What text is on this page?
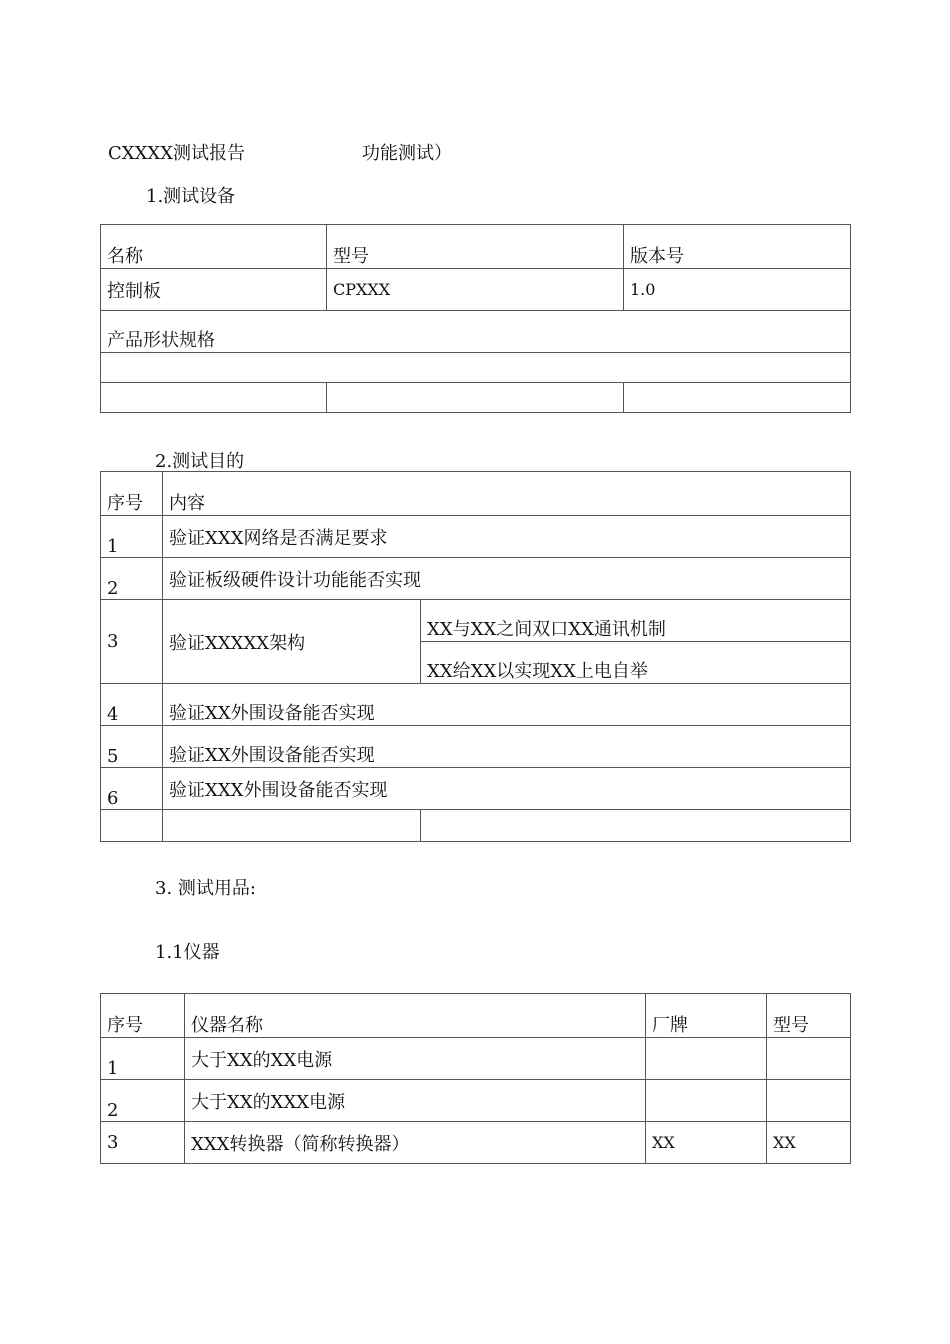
CXXXX测试报告	功能测试）
1.测试设备
名称	型号	版本号
控制板	CPXXX	1.0
产品形状规格		

2.测试目的
序号	内容	
1	验证XXX网络是否满足要求	
2	验证板级硬件设计功能能否实现	
3	验证XXXXX架构	XX与XX之间双口XX通讯机制
		XX给XX以实现XX上电自举
4	验证XX外围设备能否实现	
5	验证XX外围设备能否实现	
6	验证XXX外围设备能否实现	

3. 测试用品:
1.1仪器
序号	仪器名称	厂牌	型号
1	大于XX的XX电源		
2	大于XX的XXX电源		
3	XXX转换器（简称转换器）	XX	XX
